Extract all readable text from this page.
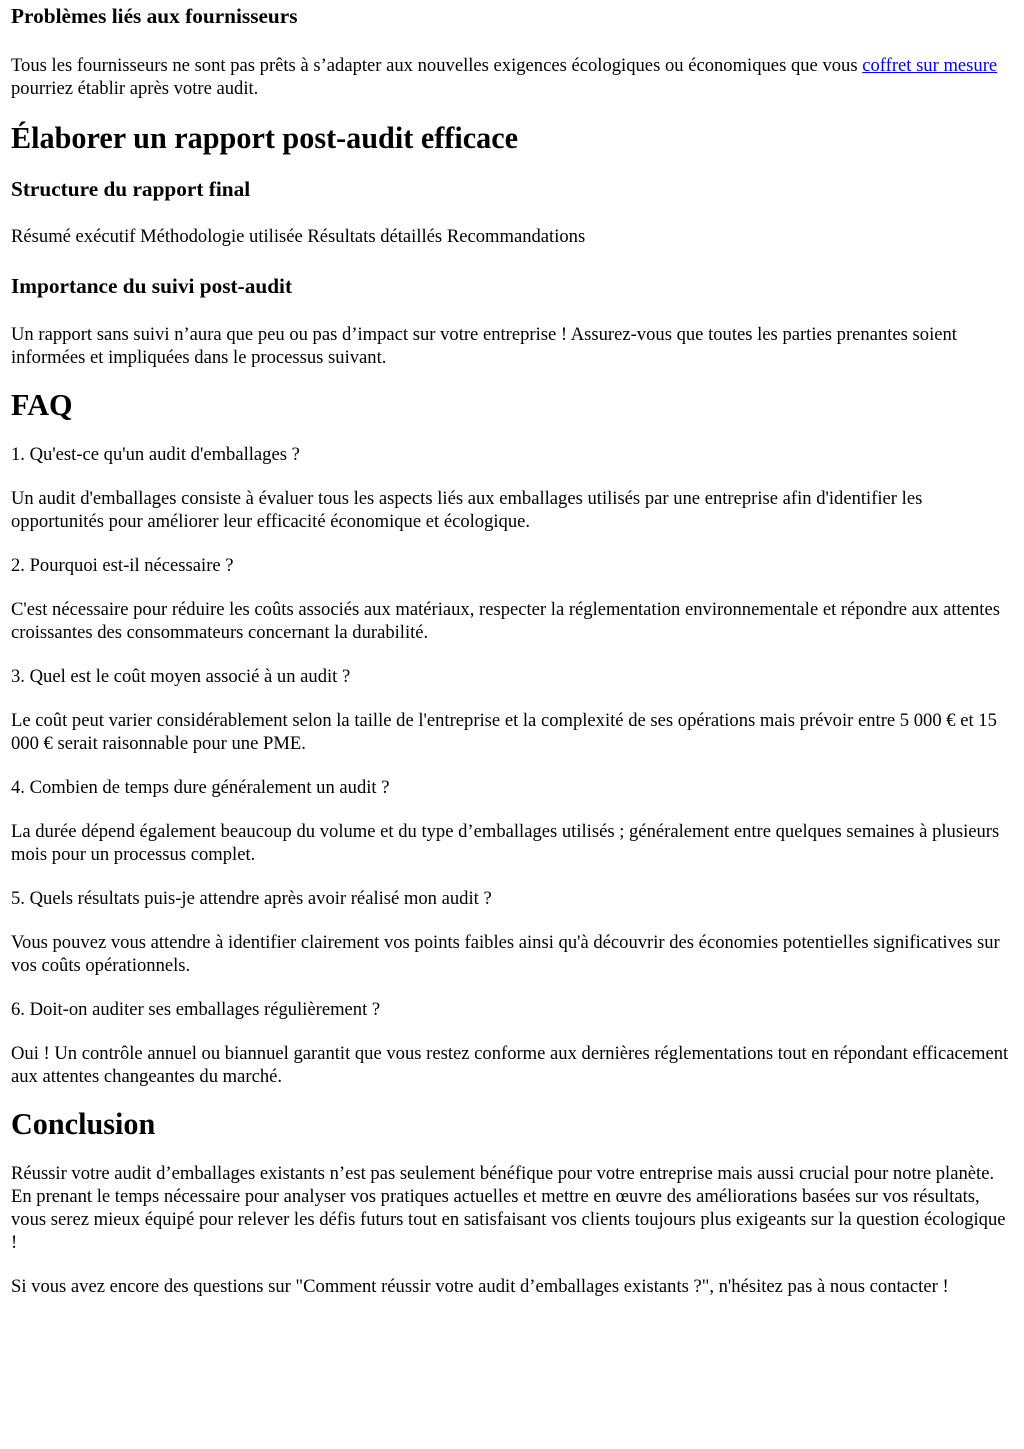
Problèmes liés aux fournisseurs

Tous les fournisseurs ne sont pas prêts à s’adapter aux nouvelles exigences écologiques ou économiques que vous coffret sur mesure pourriez établir après votre audit.

Élaborer un rapport post-audit efficace
Structure du rapport final

Résumé exécutif Méthodologie utilisée Résultats détaillés Recommandations

Importance du suivi post-audit

Un rapport sans suivi n’aura que peu ou pas d’impact sur votre entreprise ! Assurez-vous que toutes les parties prenantes soient informées et impliquées dans le processus suivant.

FAQ

1. Qu'est-ce qu'un audit d'emballages ?

Un audit d'emballages consiste à évaluer tous les aspects liés aux emballages utilisés par une entreprise afin d'identifier les opportunités pour améliorer leur efficacité économique et écologique.

2. Pourquoi est-il nécessaire ?

C'est nécessaire pour réduire les coûts associés aux matériaux, respecter la réglementation environnementale et répondre aux attentes croissantes des consommateurs concernant la durabilité.

3. Quel est le coût moyen associé à un audit ?

Le coût peut varier considérablement selon la taille de l'entreprise et la complexité de ses opérations mais prévoir entre 5 000 € et 15 000 € serait raisonnable pour une PME.

4. Combien de temps dure généralement un audit ?

La durée dépend également beaucoup du volume et du type d’emballages utilisés ; généralement entre quelques semaines à plusieurs mois pour un processus complet.

5. Quels résultats puis-je attendre après avoir réalisé mon audit ?

Vous pouvez vous attendre à identifier clairement vos points faibles ainsi qu'à découvrir des économies potentielles significatives sur vos coûts opérationnels.

6. Doit-on auditer ses emballages régulièrement ?

Oui ! Un contrôle annuel ou biannuel garantit que vous restez conforme aux dernières réglementations tout en répondant efficacement aux attentes changeantes du marché.

Conclusion

Réussir votre audit d’emballages existants n’est pas seulement bénéfique pour votre entreprise mais aussi crucial pour notre planète. En prenant le temps nécessaire pour analyser vos pratiques actuelles et mettre en œuvre des améliorations basées sur vos résultats, vous serez mieux équipé pour relever les défis futurs tout en satisfaisant vos clients toujours plus exigeants sur la question écologique !

Si vous avez encore des questions sur "Comment réussir votre audit d’emballages existants ?", n'hésitez pas à nous contacter !
